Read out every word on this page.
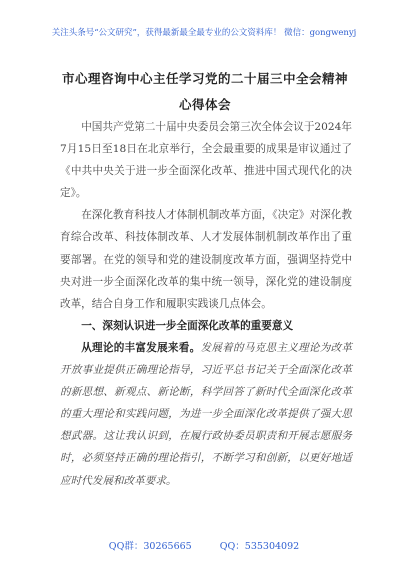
关注头条号“公文研究”，获得最新最全最专业的公文资料库！ 微信：gongwenyj
市心理咨询中心主任学习党的二十届三中全会精神心得体会

中国共产党第二十届中央委员会第三次全体会议于2024年7月15日至18日在北京举行，全会最重要的成果是审议通过了《中共中央关于进一步全面深化改革、推进中国式现代化的决定》。

在深化教育科技人才体制机制改革方面，《决定》对深化教育综合改革、科技体制改革、人才发展体制机制改革作出了重要部署。在党的领导和党的建设制度改革方面，强调坚持党中央对进一步全面深化改革的集中统一领导，深化党的建设制度改革，结合自身工作和履职实践谈几点体会。

一、深刻认识进一步全面深化改革的重要意义

从理论的丰富发展来看。发展着的马克思主义理论为改革开放事业提供正确理论指导，习近平总书记关于全面深化改革的新思想、新观点、新论断，科学回答了新时代全面深化改革的重大理论和实践问题，为进一步全面深化改革提供了强大思想武器。这让我认识到，在履行政协委员职责和开展志愿服务时，必须坚持正确的理论指引，不断学习和创新，以更好地适应时代发展和改革要求。

QQ群：30265665	QQ：535304092
